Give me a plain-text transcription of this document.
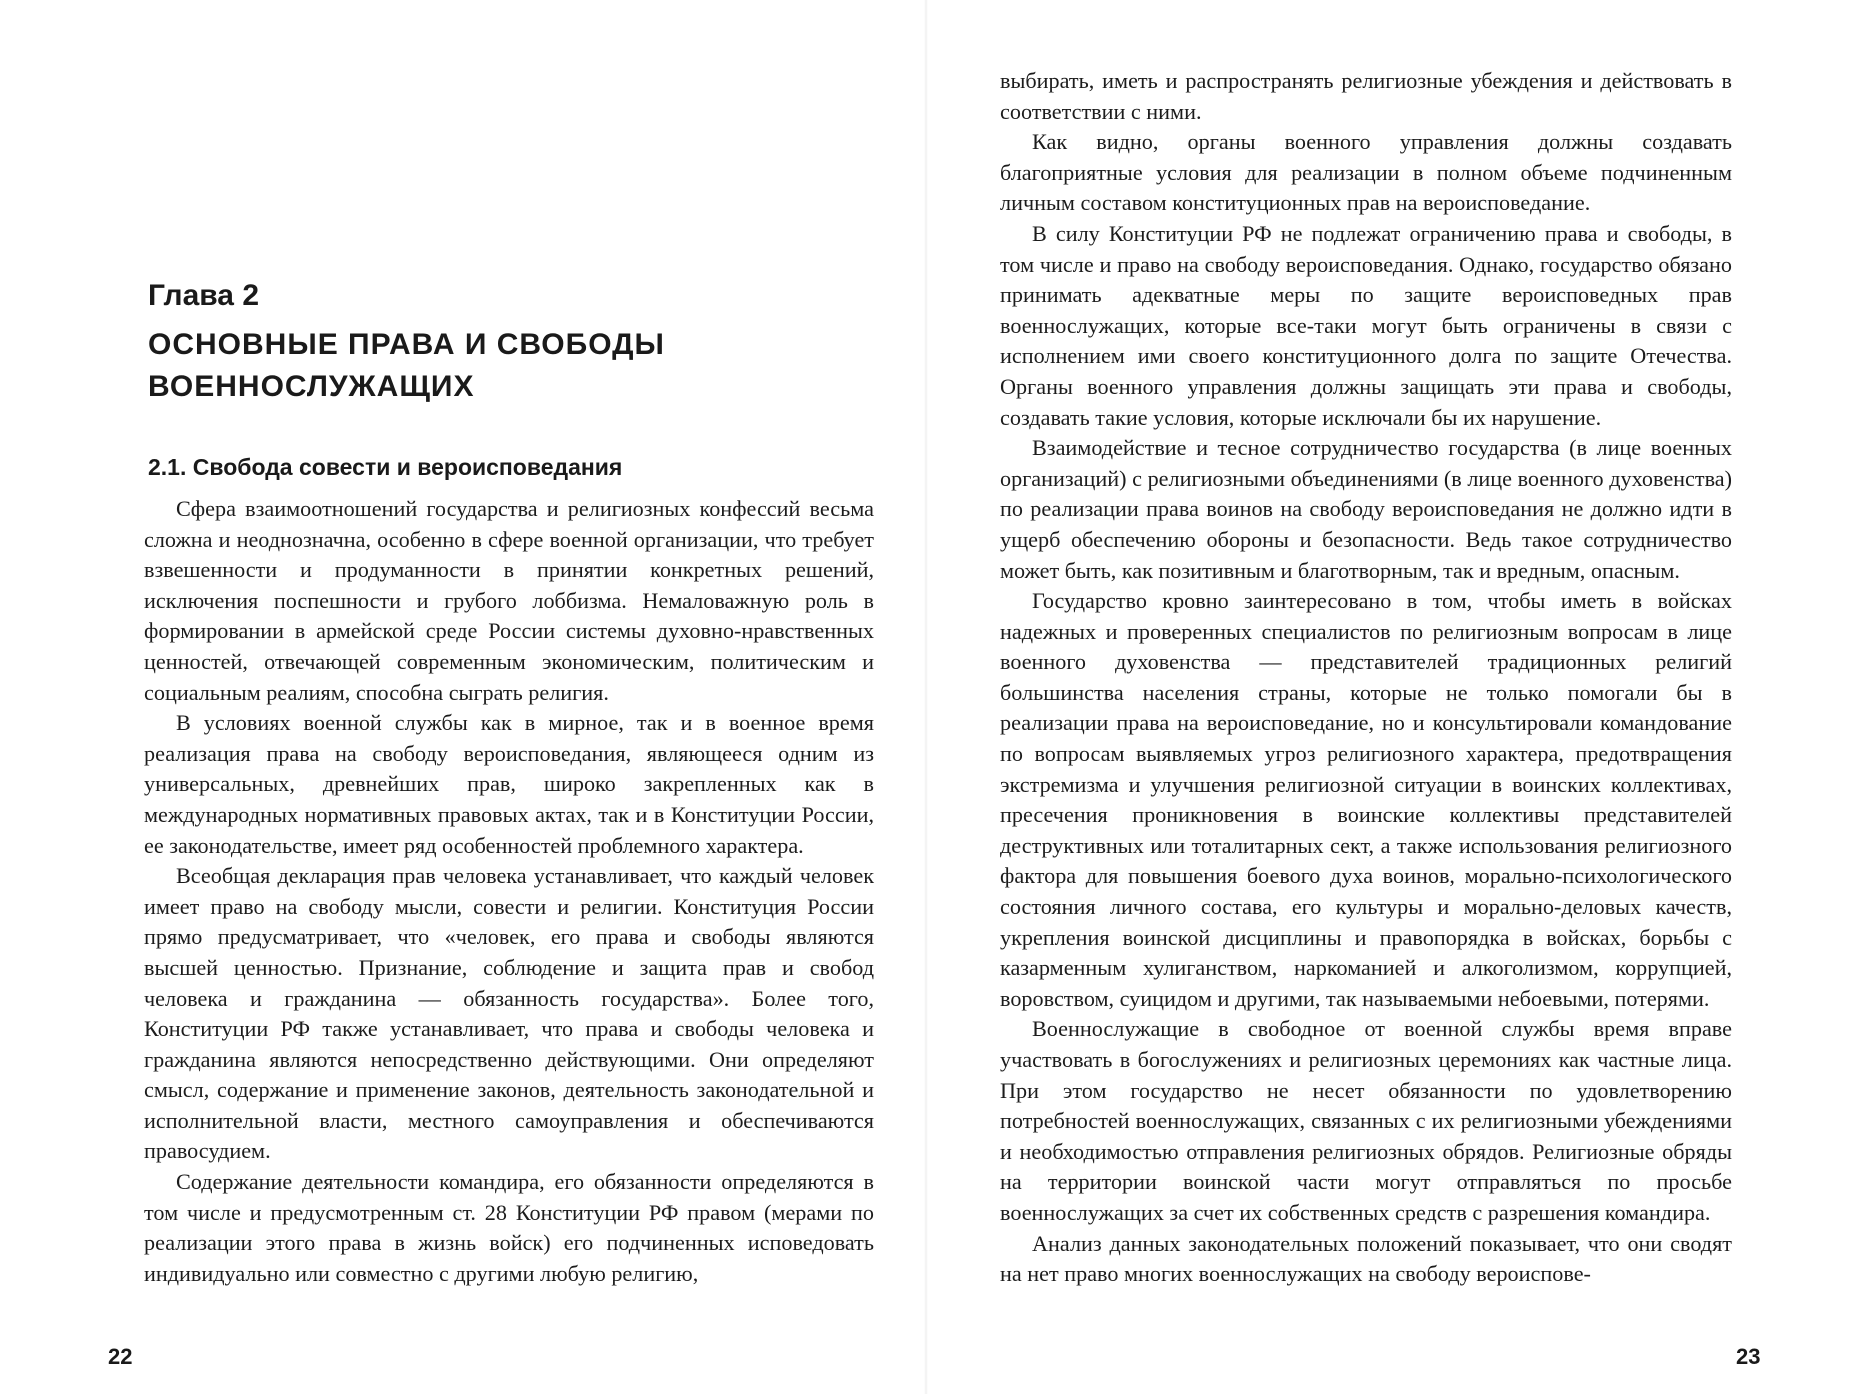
Глава 2
ОСНОВНЫЕ ПРАВА И СВОБОДЫ ВОЕННОСЛУЖАЩИХ
2.1. Свобода совести и вероисповедания

Сфера взаимоотношений государства и религиозных конфессий весьма сложна и неоднозначна, особенно в сфере военной организации, что требует взвешенности и продуманности в принятии конкретных решений, исключения поспешности и грубого лоббизма. Немаловажную роль в формировании в армейской среде России системы духовно-нравственных ценностей, отвечающей современным экономическим, политическим и социальным реалиям, способна сыграть религия.

В условиях военной службы как в мирное, так и в военное время реализация права на свободу вероисповедания, являющееся одним из универсальных, древнейших прав, широко закрепленных как в международных нормативных правовых актах, так и в Конституции России, ее законодательстве, имеет ряд особенностей проблемного характера.

Всеобщая декларация прав человека устанавливает, что каждый человек имеет право на свободу мысли, совести и религии. Конституция России прямо предусматривает, что «человек, его права и свободы являются высшей ценностью. Признание, соблюдение и защита прав и свобод человека и гражданина — обязанность государства». Более того, Конституции РФ также устанавливает, что права и свободы человека и гражданина являются непосредственно действующими. Они определяют смысл, содержание и применение законов, деятельность законодательной и исполнительной власти, местного самоуправления и обеспечиваются правосудием.

Содержание деятельности командира, его обязанности определяются в том числе и предусмотренным ст. 28 Конституции РФ правом (мерами по реализации этого права в жизнь войск) его подчиненных исповедовать индивидуально или совместно с другими любую религию,

22

выбирать, иметь и распространять религиозные убеждения и действовать в соответствии с ними.

Как видно, органы военного управления должны создавать благоприятные условия для реализации в полном объеме подчиненным личным составом конституционных прав на вероисповедание.

В силу Конституции РФ не подлежат ограничению права и свободы, в том числе и право на свободу вероисповедания. Однако, государство обязано принимать адекватные меры по защите вероисповедных прав военнослужащих, которые все-таки могут быть ограничены в связи с исполнением ими своего конституционного долга по защите Отечества. Органы военного управления должны защищать эти права и свободы, создавать такие условия, которые исключали бы их нарушение.

Взаимодействие и тесное сотрудничество государства (в лице военных организаций) с религиозными объединениями (в лице военного духовенства) по реализации права воинов на свободу вероисповедания не должно идти в ущерб обеспечению обороны и безопасности. Ведь такое сотрудничество может быть, как позитивным и благотворным, так и вредным, опасным.

Государство кровно заинтересовано в том, чтобы иметь в войсках надежных и проверенных специалистов по религиозным вопросам в лице военного духовенства — представителей традиционных религий большинства населения страны, которые не только помогали бы в реализации права на вероисповедание, но и консультировали командование по вопросам выявляемых угроз религиозного характера, предотвращения экстремизма и улучшения религиозной ситуации в воинских коллективах, пресечения проникновения в воинские коллективы представителей деструктивных или тоталитарных сект, а также использования религиозного фактора для повышения боевого духа воинов, морально-психологического состояния личного состава, его культуры и морально-деловых качеств, укрепления воинской дисциплины и правопорядка в войсках, борьбы с казарменным хулиганством, наркоманией и алкоголизмом, коррупцией, воровством, суицидом и другими, так называемыми небоевыми, потерями.

Военнослужащие в свободное от военной службы время вправе участвовать в богослужениях и религиозных церемониях как частные лица. При этом государство не несет обязанности по удовлетворению потребностей военнослужащих, связанных с их религиозными убеждениями и необходимостью отправления религиозных обрядов. Религиозные обряды на территории воинской части могут отправляться по просьбе военнослужащих за счет их собственных средств с разрешения командира.

Анализ данных законодательных положений показывает, что они сводят на нет право многих военнослужащих на свободу вероиспове-

23
